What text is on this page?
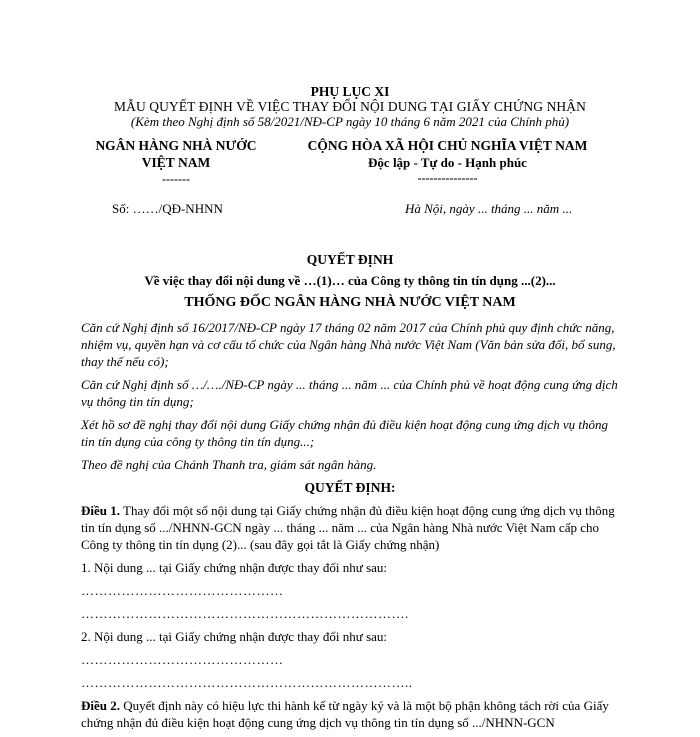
PHỤ LỤC XI
MẪU QUYẾT ĐỊNH VỀ VIỆC THAY ĐỔI NỘI DUNG TẠI GIẤY CHỨNG NHẬN
(Kèm theo Nghị định số 58/2021/NĐ-CP ngày 10 tháng 6 năm 2021 của Chính phủ)
NGÂN HÀNG NHÀ NƯỚC
VIỆT NAM
-------
CỘNG HÒA XÃ HỘI CHỦ NGHĨA VIỆT NAM
Độc lập - Tự do - Hạnh phúc
---------------
Số: ……/QĐ-NHNN	Hà Nội, ngày ... tháng ... năm ...
QUYẾT ĐỊNH
Về việc thay đổi nội dung về …(1)… của Công ty thông tin tín dụng ...(2)...
THỐNG ĐỐC NGÂN HÀNG NHÀ NƯỚC VIỆT NAM

Căn cứ Nghị định số 16/2017/NĐ-CP ngày 17 tháng 02 năm 2017 của Chính phủ quy định chức năng, nhiệm vụ, quyền hạn và cơ cấu tổ chức của Ngân hàng Nhà nước Việt Nam (Văn bản sửa đổi, bổ sung, thay thế nếu có);

Căn cứ Nghị định số …/…./NĐ-CP ngày ... tháng ... năm ... của Chính phủ về hoạt động cung ứng dịch vụ thông tin tín dụng;

Xét hồ sơ đề nghị thay đổi nội dung Giấy chứng nhận đủ điều kiện hoạt động cung ứng dịch vụ thông tin tín dụng của công ty thông tin tín dụng...;

Theo đề nghị của Chánh Thanh tra, giám sát ngân hàng.

QUYẾT ĐỊNH:

Điều 1. Thay đổi một số nội dung tại Giấy chứng nhận đủ điều kiện hoạt động cung ứng dịch vụ thông tin tín dụng số .../NHNN-GCN ngày ... tháng ... năm ... của Ngân hàng Nhà nước Việt Nam cấp cho Công ty thông tin tín dụng (2)... (sau đây gọi tắt là Giấy chứng nhận)

1. Nội dung ... tại Giấy chứng nhận được thay đổi như sau:

………………………………………

……………………………………………………………….

2. Nội dung ... tại Giấy chứng nhận được thay đổi như sau:

………………………………………

………………………………………………………………..

Điều 2. Quyết định này có hiệu lực thi hành kể từ ngày ký và là một bộ phận không tách rời của Giấy chứng nhận đủ điều kiện hoạt động cung ứng dịch vụ thông tin tín dụng số .../NHNN-GCN
